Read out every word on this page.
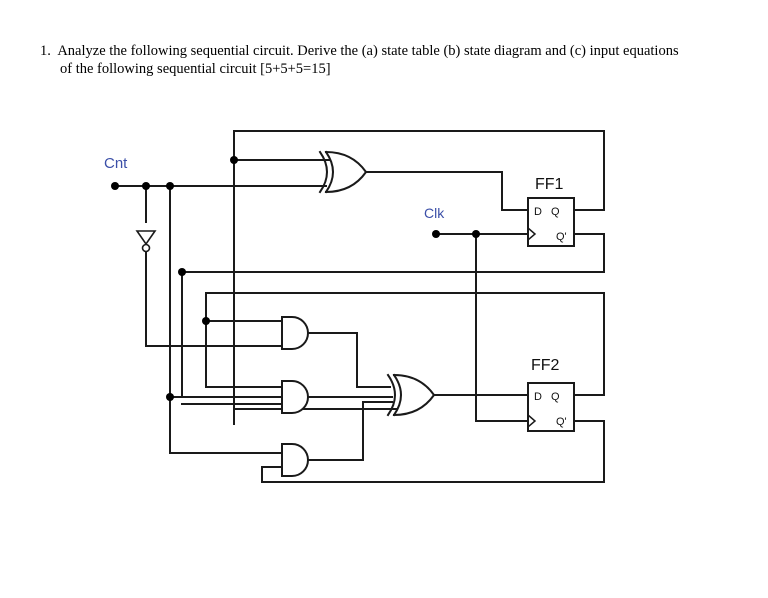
1. Analyze the following sequential circuit. Derive the (a) state table (b) state diagram and (c) input equations
of the following sequential circuit [5+5+5=15]
D Q
Q'
FF1
D Q
Q'
FF2
Cnt
Clk
